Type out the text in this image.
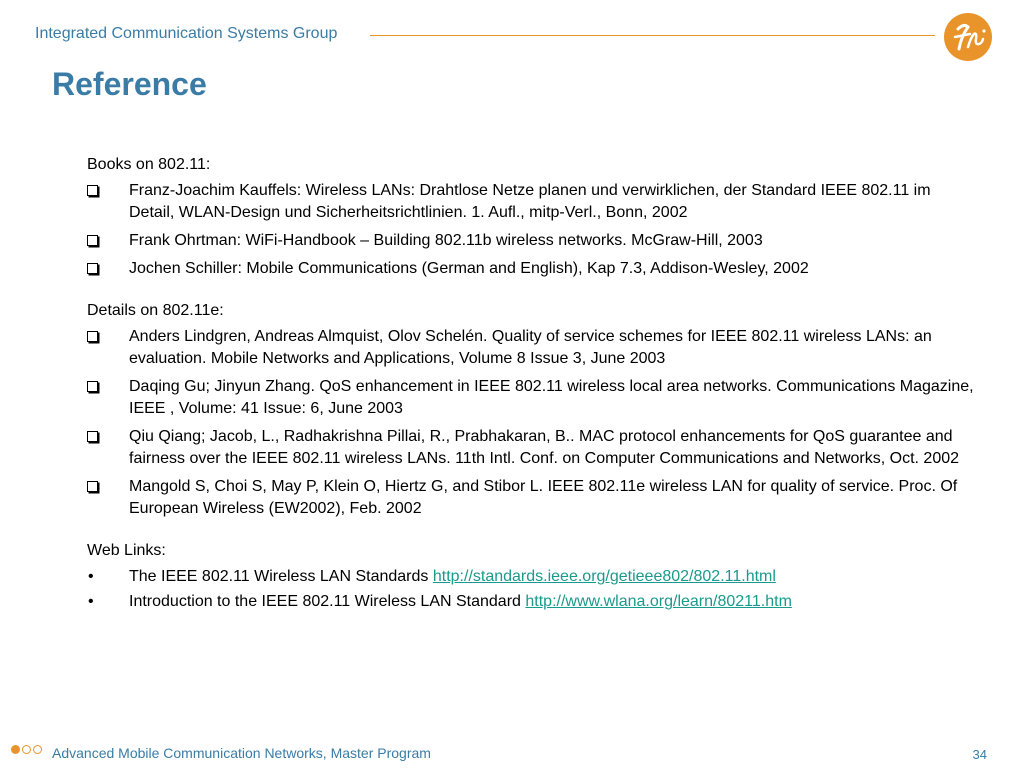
Integrated Communication Systems Group
Reference
Books on 802.11:
Franz-Joachim Kauffels: Wireless LANs: Drahtlose Netze planen und verwirklichen, der Standard IEEE 802.11 im Detail, WLAN-Design und Sicherheitsrichtlinien. 1. Aufl., mitp-Verl., Bonn, 2002
Frank Ohrtman: WiFi-Handbook – Building 802.11b wireless networks. McGraw-Hill, 2003
Jochen Schiller: Mobile Communications (German and English), Kap 7.3, Addison-Wesley, 2002
Details on 802.11e:
Anders Lindgren, Andreas Almquist, Olov Schelén. Quality of service schemes for IEEE 802.11 wireless LANs: an evaluation. Mobile Networks and Applications, Volume 8 Issue 3, June 2003
Daqing Gu; Jinyun Zhang. QoS enhancement in IEEE 802.11 wireless local area networks. Communications Magazine, IEEE , Volume: 41 Issue: 6, June 2003
Qiu Qiang; Jacob, L., Radhakrishna Pillai, R., Prabhakaran, B.. MAC protocol enhancements for QoS guarantee and fairness over the IEEE 802.11 wireless LANs. 11th Intl. Conf. on Computer Communications and Networks, Oct. 2002
Mangold S, Choi S, May P, Klein O, Hiertz G, and Stibor L. IEEE 802.11e wireless LAN for quality of service. Proc. Of European Wireless (EW2002), Feb. 2002
Web Links:
• The IEEE 802.11 Wireless LAN Standards http://standards.ieee.org/getieee802/802.11.html
• Introduction to the IEEE 802.11 Wireless LAN Standard http://www.wlana.org/learn/80211.htm
Advanced Mobile Communication Networks, Master Program	34
